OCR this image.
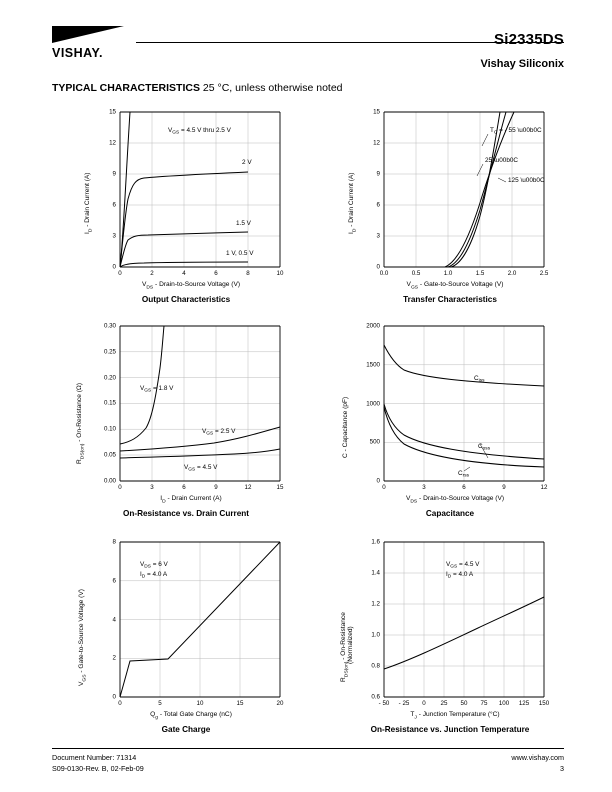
VISHAY.
Si2335DS
Vishay Siliconix
TYPICAL CHARACTERISTICS 25 °C, unless otherwise noted
$V_{GS} = 4.5$ V thru 2.5 V
2 V
1.5 V
1 V, 0.5 V
15
12
9
6
3
0
0	2	4	6	8	10
$I_D$ - Drain Current (A)
$V_{DS}$ - Drain-to-Source Voltage (V)
Output Characteristics
$T_C$ = - 55 \u00b0C
25 \u00b0C
125 \u00b0C
15
12
9
6
3
0
0.0	0.5	1.0	1.5	2.0	2.5
$I_D$ - Drain Current (A)
$V_{GS}$ - Gate-to-Source Voltage (V)
Transfer Characteristics
$V_{GS} = 1.8$ V
$V_{GS} = 2.5$ V
$V_{GS} = 4.5$ V
0.30
0.25
0.20
0.15
0.10
0.05
0.00
0	3	6	9	12	15
$R_{DS(on)}$ - On-Resistance (Ω)
$I_D$ - Drain Current (A)
On-Resistance vs. Drain Current
$C_{iss}$
$C_{oss}$
$C_{rss}$
2000
1500
1000
500
0
0	3	6	9	12
C - Capacitance (pF)
$V_{DS}$ - Drain-to-Source Voltage (V)
Capacitance
$V_{DS} = 6$ V
$I_D = 4.0$ A
8
6
4
2
0
0	5	10	15	20
$V_{GS}$ - Gate-to-Source Voltage (V)
$Q_g$ - Total Gate Charge (nC)
Gate Charge
$V_{GS} = 4.5$ V
$I_D = 4.0$ A
1.6
1.4
1.2
1.0
0.8
0.6
- 50 - 25 0 25 50 75 100 125 150
$R_{DS(on)}$ - On-Resistance (Normalized)
$T_J$ - Junction Temperature (°C)
On-Resistance vs. Junction Temperature
Document Number: 71314
S09-0130-Rev. B, 02-Feb-09
www.vishay.com
3
